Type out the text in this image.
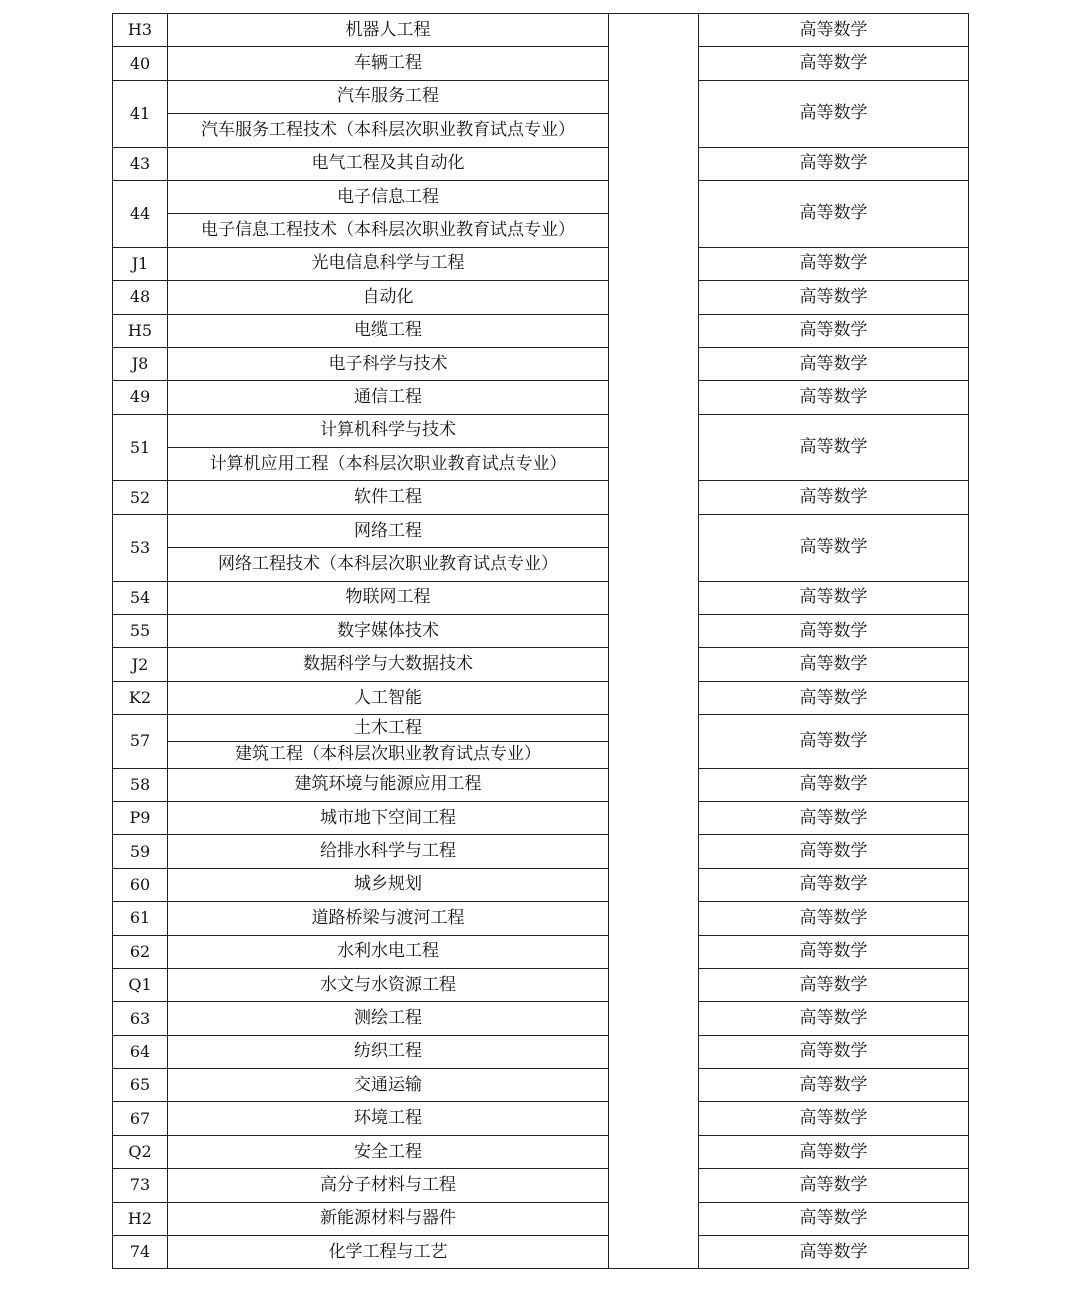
H3	机器人工程		高等数学
40	车辆工程		高等数学
41	汽车服务工程		高等数学
	汽车服务工程技术（本科层次职业教育试点专业）		
43	电气工程及其自动化		高等数学
44	电子信息工程		高等数学
	电子信息工程技术（本科层次职业教育试点专业）		
J1	光电信息科学与工程		高等数学
48	自动化		高等数学
H5	电缆工程		高等数学
J8	电子科学与技术		高等数学
49	通信工程		高等数学
51	计算机科学与技术		高等数学
	计算机应用工程（本科层次职业教育试点专业）		
52	软件工程		高等数学
53	网络工程		高等数学
	网络工程技术（本科层次职业教育试点专业）		
54	物联网工程		高等数学
55	数字媒体技术		高等数学
J2	数据科学与大数据技术		高等数学
K2	人工智能		高等数学
57	土木工程		高等数学
	建筑工程（本科层次职业教育试点专业）		
58	建筑环境与能源应用工程		高等数学
P9	城市地下空间工程		高等数学
59	给排水科学与工程		高等数学
60	城乡规划		高等数学
61	道路桥梁与渡河工程		高等数学
62	水利水电工程		高等数学
Q1	水文与水资源工程		高等数学
63	测绘工程		高等数学
64	纺织工程		高等数学
65	交通运输		高等数学
67	环境工程		高等数学
Q2	安全工程		高等数学
73	高分子材料与工程		高等数学
H2	新能源材料与器件		高等数学
74	化学工程与工艺		高等数学
